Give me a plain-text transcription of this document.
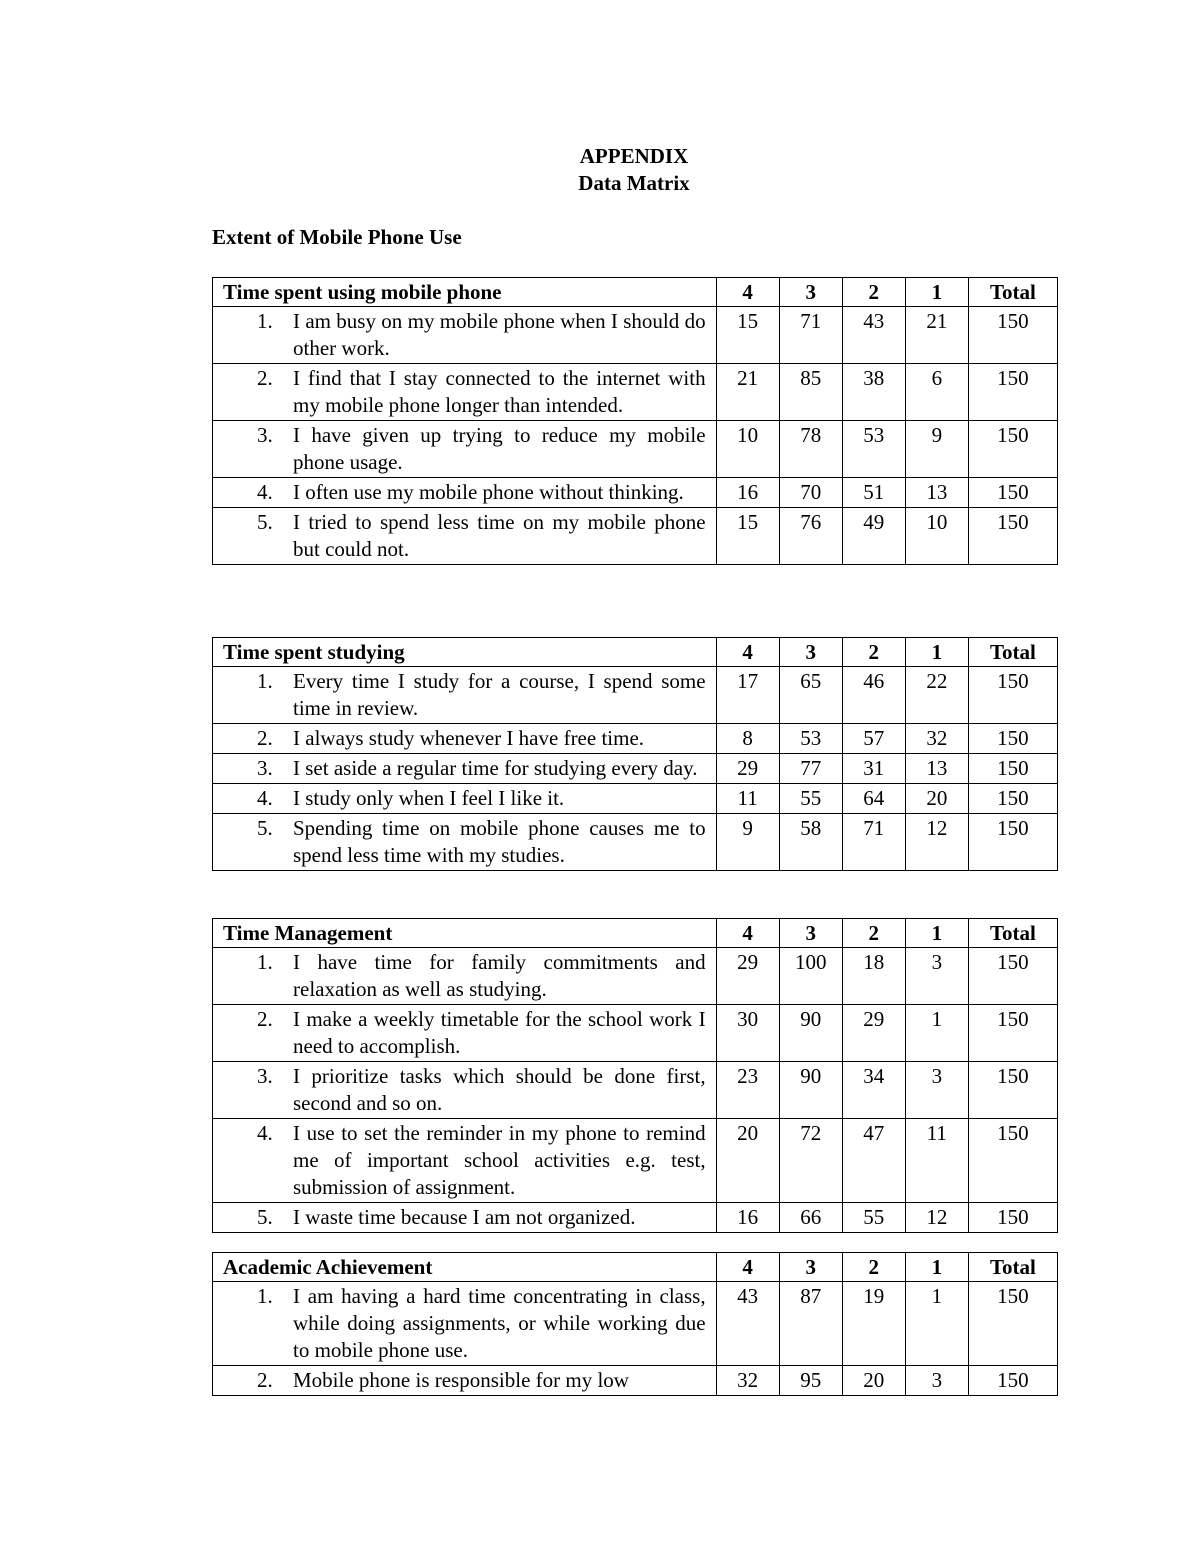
APPENDIX
Data Matrix
Extent of Mobile Phone Use
Time spent using mobile phone	4	3	2	1	Total

1. I am busy on my mobile phone when I should do other work.	15	71	43	21	150

2. I find that I stay connected to the internet with my mobile phone longer than intended.	21	85	38	6	150

3. I have given up trying to reduce my mobile phone usage.	10	78	53	9	150

4. I often use my mobile phone without thinking.	16	70	51	13	150

5. I tried to spend less time on my mobile phone but could not.	15	76	49	10	150
Time spent studying	4	3	2	1	Total

1. Every time I study for a course, I spend some time in review.	17	65	46	22	150

2. I always study whenever I have free time.	8	53	57	32	150

3. I set aside a regular time for studying every day.	29	77	31	13	150

4. I study only when I feel I like it.	11	55	64	20	150

5. Spending time on mobile phone causes me to spend less time with my studies.	9	58	71	12	150
Time Management	4	3	2	1	Total

1. I have time for family commitments and relaxation as well as studying.	29	100	18	3	150

2. I make a weekly timetable for the school work I need to accomplish.	30	90	29	1	150

3. I prioritize tasks which should be done first, second and so on.	23	90	34	3	150

4. I use to set the reminder in my phone to remind me of important school activities e.g. test, submission of assignment.	20	72	47	11	150

5. I waste time because I am not organized.	16	66	55	12	150
Academic Achievement	4	3	2	1	Total

1. I am having a hard time concentrating in class, while doing assignments, or while working due to mobile phone use.	43	87	19	1	150

2. Mobile phone is responsible for my low	32	95	20	3	150
